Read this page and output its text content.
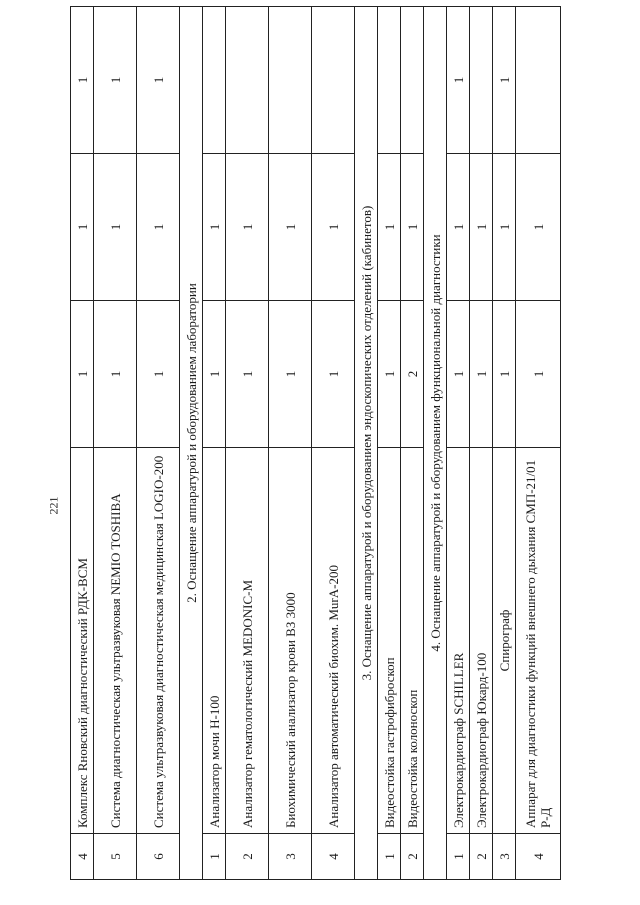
221
4	Комплекс Rновский диагностический РДК-ВСМ	1	1	1
5	Система диагностическая ультразвуковая NEMIO TOSHIBA	1	1	1
6	Система ультразвуковая диагностическая медицинская LOGIO-200	1	1	1
2. Оснащение аппаратурой и оборудованием лаборатории				
1	Анализатор мочи Н-100	1	1	
2	Анализатор гематологический MEDONIC-M	1	1	
3	Биохимический анализатор крови ВЗ 3000	1	1	
4	Анализатор автоматический биохим. MurA-200	1	1	
3. Оснащение аппаратурой и оборудованием эндоскопических отделений (кабинетов)				
1	Видеостойка гастрофиброскоп	1	1	
2	Видеостойка колоноскоп	2	1	
4. Оснащение аппаратурой и оборудованием функциональной диагностики				
1	Электрокардиограф SCHILLER	1	1	1
2	Электрокардиограф Юкард-100	1	1	
3	Спирограф	1	1	1
4	Аппарат для диагностики функций внешнего дыхания СМП-21/01 Р-Д	1	1	
